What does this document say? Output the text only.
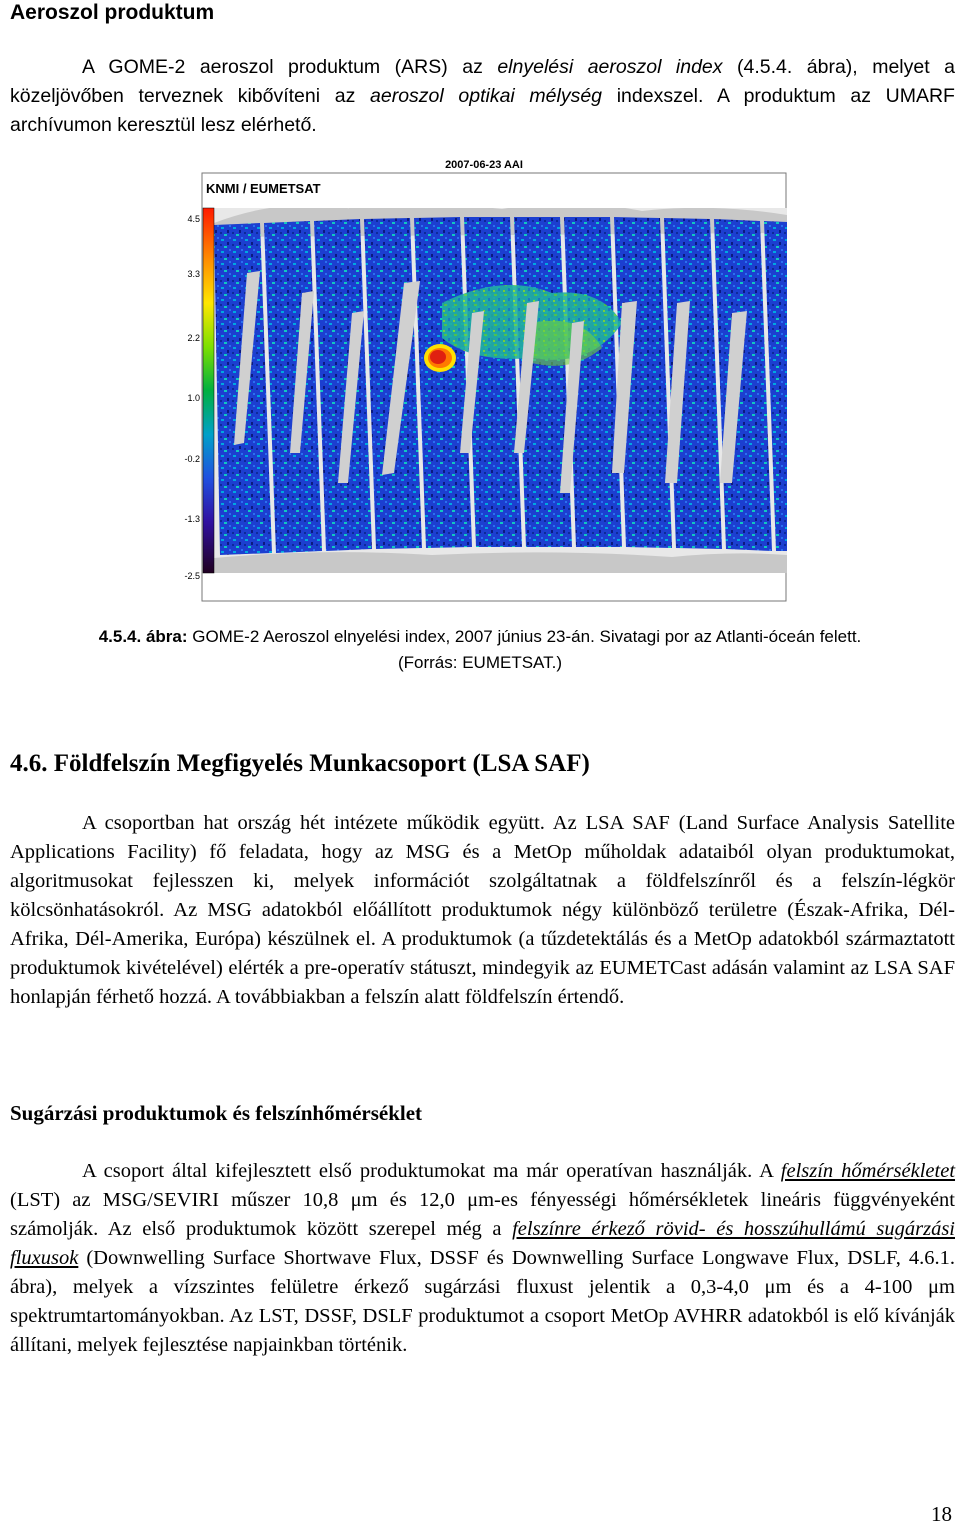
Aeroszol produktum

A GOME-2 aeroszol produktum (ARS) az elnyelési aeroszol index (4.5.4. ábra), melyet a közeljövőben terveznek kibővíteni az aeroszol optikai mélység indexszel. A produktum az UMARF archívumon keresztül lesz elérhető.

2007-06-23 AAI
4.5
3.3
2.2
1.0
-0.2
-1.3
-2.5
KNMI / EUMETSAT
4.5.4. ábra: GOME-2 Aeroszol elnyelési index, 2007 június 23-án. Sivatagi por az Atlanti-óceán felett.
(Forrás: EUMETSAT.)
4.6. Földfelszín Megfigyelés Munkacsoport (LSA SAF)

A csoportban hat ország hét intézete működik együtt. Az LSA SAF (Land Surface Analysis Satellite Applications Facility) fő feladata, hogy az MSG és a MetOp műholdak adataiból olyan produktumokat, algoritmusokat fejlesszen ki, melyek információt szolgáltatnak a földfelszínről és a felszín-légkör kölcsönhatásokról. Az MSG adatokból előállított produktumok négy különböző területre (Észak-Afrika, Dél-Afrika, Dél-Amerika, Európa) készülnek el. A produktumok (a tűzdetektálás és a MetOp adatokból származtatott produktumok kivételével) elérték a pre-operatív státuszt, mindegyik az EUMETCast adásán valamint az LSA SAF honlapján férhető hozzá. A továbbiakban a felszín alatt földfelszín értendő.

Sugárzási produktumok és felszínhőmérséklet

A csoport által kifejlesztett első produktumokat ma már operatívan használják. A felszín hőmérsékletet (LST) az MSG/SEVIRI műszer 10,8 μm és 12,0 μm-es fényességi hőmérsékletek lineáris függvényeként számolják. Az első produktumok között szerepel még a felszínre érkező rövid- és hosszúhullámú sugárzási fluxusok (Downwelling Surface Shortwave Flux, DSSF és Downwelling Surface Longwave Flux, DSLF, 4.6.1. ábra), melyek a vízszintes felületre érkező sugárzási fluxust jelentik a 0,3-4,0 μm és a 4-100 μm spektrumtartományokban. Az LST, DSSF, DSLF produktumot a csoport MetOp AVHRR adatokból is elő kívánják állítani, melyek fejlesztése napjainkban történik.

18
